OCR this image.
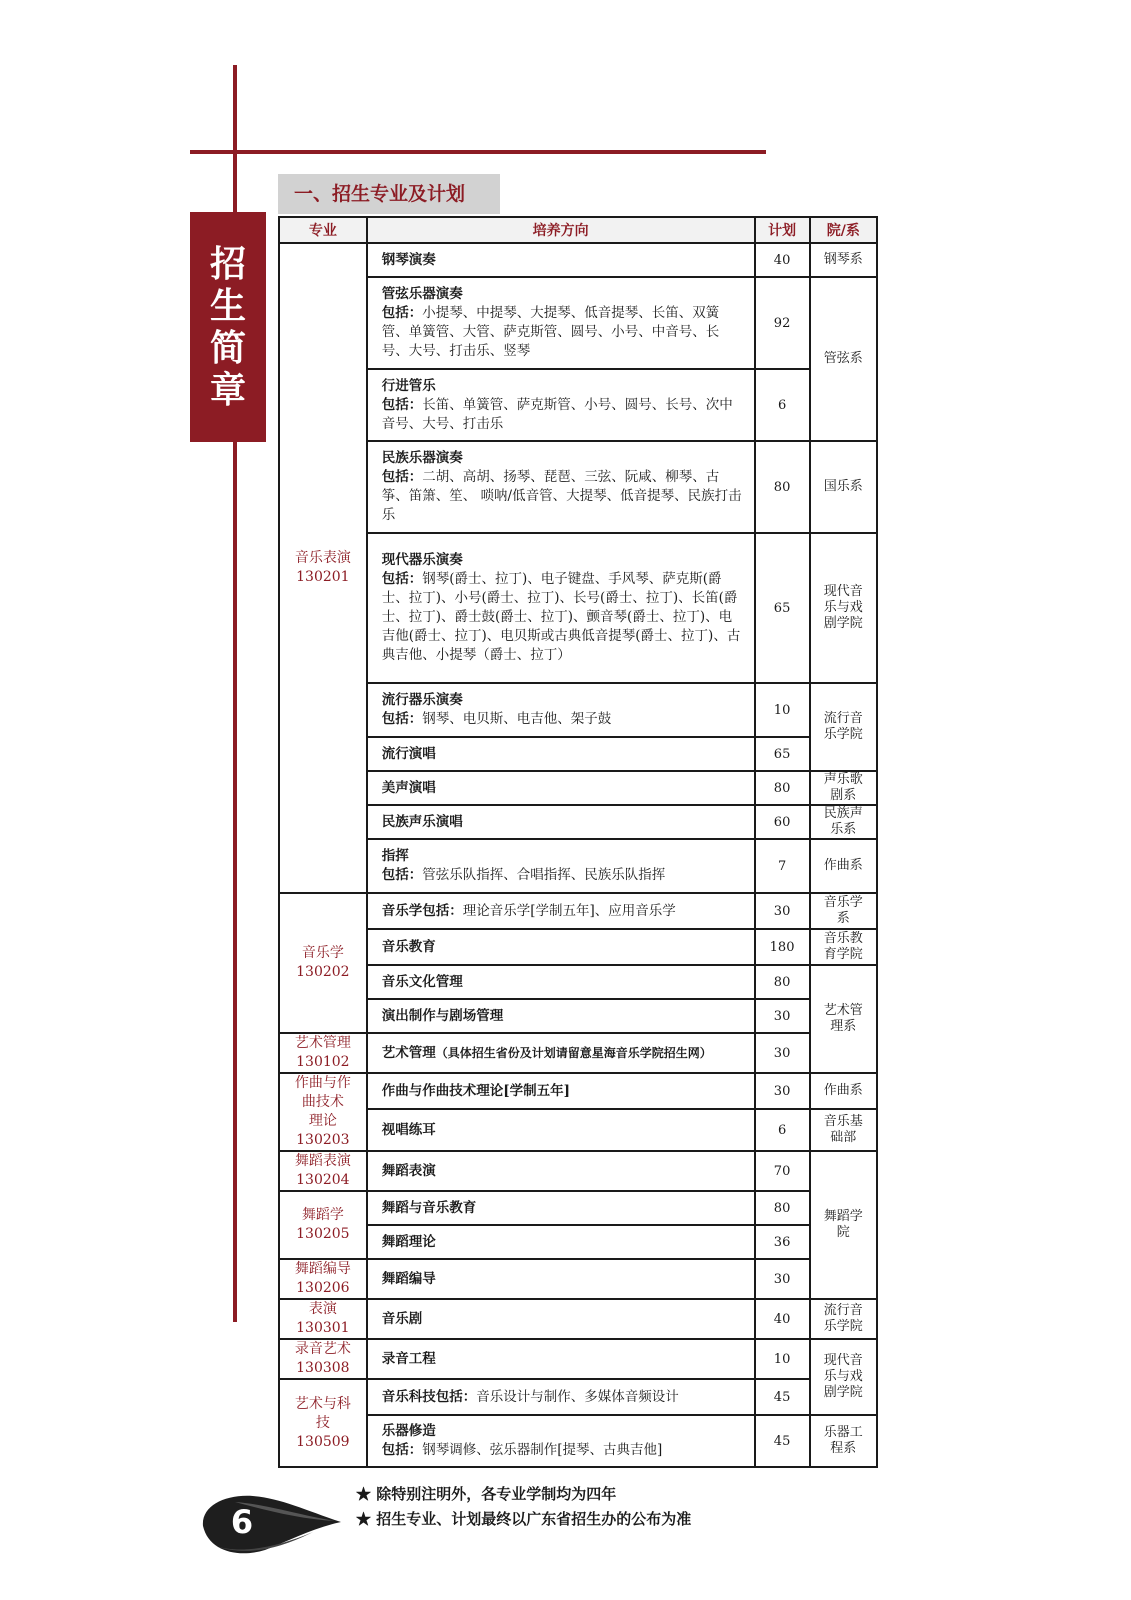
招
生
简
章
一、招生专业及计划
专业	培养方向	计划	院/系

音乐表演
130201	钢琴演奏	40	钢琴系

	管弦乐器演奏
包括：小提琴、中提琴、大提琴、低音提琴、长笛、双簧管、单簧管、大管、萨克斯管、圆号、小号、中音号、长号、大号、打击乐、竖琴	92	管弦系

	行进管乐
包括：长笛、单簧管、萨克斯管、小号、圆号、长号、次中音号、大号、打击乐	6	

	民族乐器演奏
包括：二胡、高胡、扬琴、琵琶、三弦、阮咸、柳琴、古筝、笛箫、笙、 唢呐/低音管、大提琴、低音提琴、民族打击乐	80	国乐系

	现代器乐演奏
包括：钢琴(爵士、拉丁)、电子键盘、手风琴、萨克斯(爵士、拉丁)、小号(爵士、拉丁)、长号(爵士、拉丁)、长笛(爵士、拉丁)、爵士鼓(爵士、拉丁)、颤音琴(爵士、拉丁)、电吉他(爵士、拉丁)、电贝斯或古典低音提琴(爵士、拉丁)、古典吉他、小提琴（爵士、拉丁）	65	现代音乐与戏剧学院

	流行器乐演奏
包括：钢琴、电贝斯、电吉他、架子鼓	10	流行音乐学院

	流行演唱	65	

	美声演唱	80	声乐歌剧系

	民族声乐演唱	60	民族声乐系

	指挥
包括：管弦乐队指挥、合唱指挥、民族乐队指挥	7	作曲系

音乐学
130202	音乐学包括：理论音乐学[学制五年]、应用音乐学	30	音乐学系

	音乐教育	180	音乐教育学院

	音乐文化管理	80	艺术管理系

	演出制作与剧场管理	30	

艺术管理
130102	艺术管理（具体招生省份及计划请留意星海音乐学院招生网）	30	

作曲与作
曲技术
理论
130203	作曲与作曲技术理论[学制五年]	30	作曲系

	视唱练耳	6	音乐基础部

舞蹈表演
130204	舞蹈表演	70	舞蹈学院

舞蹈学
130205	舞蹈与音乐教育	80	

	舞蹈理论	36	

舞蹈编导
130206	舞蹈编导	30	

表演
130301	音乐剧	40	流行音乐学院

录音艺术
130308	录音工程	10	现代音乐与戏剧学院

艺术与科
技
130509	音乐科技包括：音乐设计与制作、多媒体音频设计	45	

	乐器修造
包括：钢琴调修、弦乐器制作[提琴、古典吉他]	45	乐器工程系
6
★ 除特别注明外，各专业学制均为四年
★ 招生专业、计划最终以广东省招生办的公布为准
